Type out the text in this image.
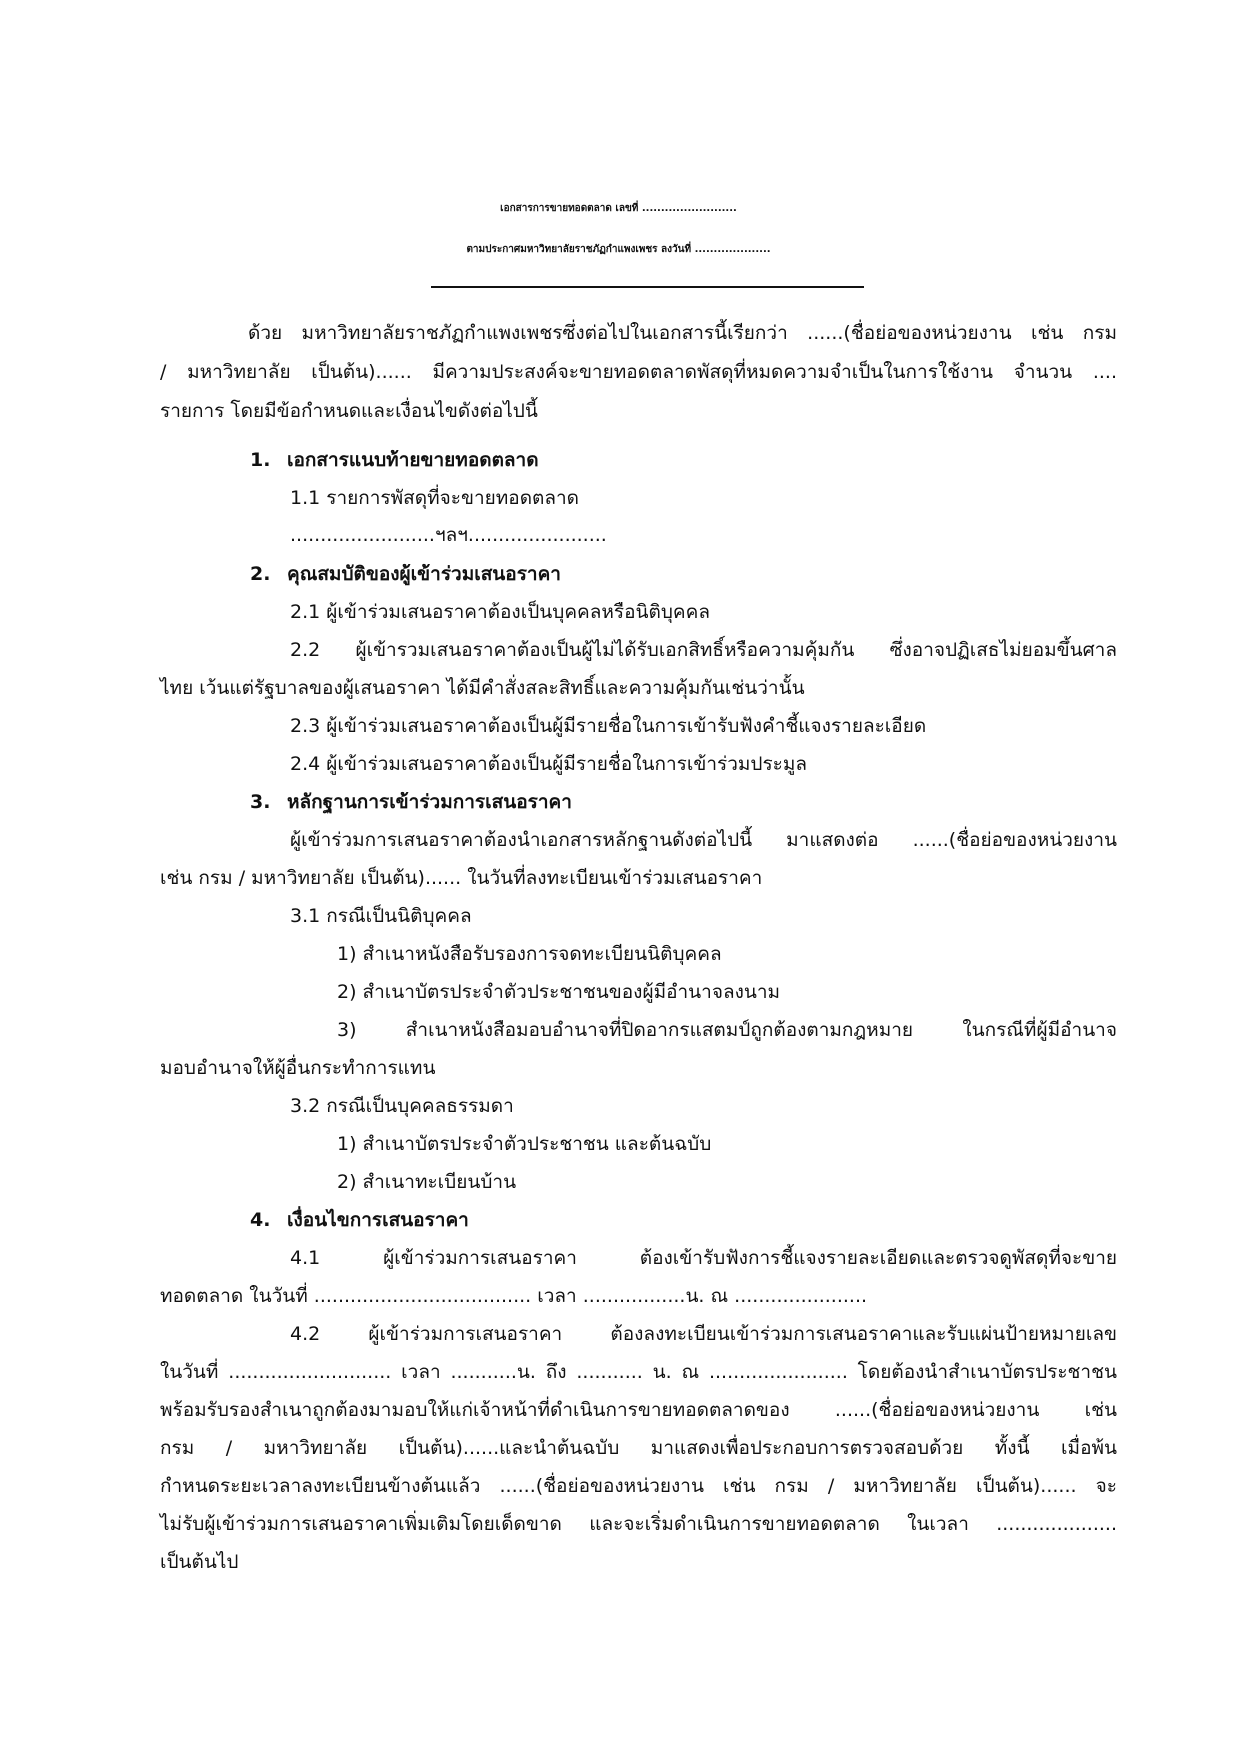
เอกสารการขายทอดตลาด เลขที่ .........................
ตามประกาศมหาวิทยาลัยราชภัฏกำแพงเพชร ลงวันที่ ....................
ด้วย มหาวิทยาลัยราชภัฏกำแพงเพชรซึ่งต่อไปในเอกสารนี้เรียกว่า ......(ชื่อย่อของหน่วยงาน เช่น กรม
/ มหาวิทยาลัย เป็นต้น)...... มีความประสงค์จะขายทอดตลาดพัสดุที่หมดความจำเป็นในการใช้งาน จำนวน ....
รายการ โดยมีข้อกำหนดและเงื่อนไขดังต่อไปนี้
1. เอกสารแนบท้ายขายทอดตลาด
1.1 รายการพัสดุที่จะขายทอดตลาด
........................ฯลฯ.......................
2. คุณสมบัติของผู้เข้าร่วมเสนอราคา
2.1 ผู้เข้าร่วมเสนอราคาต้องเป็นบุคคลหรือนิติบุคคล
2.2 ผู้เข้ารวมเสนอราคาต้องเป็นผู้ไม่ได้รับเอกสิทธิ์หรือความคุ้มกัน ซึ่งอาจปฏิเสธไม่ยอมขึ้นศาล
ไทย เว้นแต่รัฐบาลของผู้เสนอราคา ได้มีคำสั่งสละสิทธิ์และความคุ้มกันเช่นว่านั้น
2.3 ผู้เข้าร่วมเสนอราคาต้องเป็นผู้มีรายชื่อในการเข้ารับฟังคำชี้แจงรายละเอียด
2.4 ผู้เข้าร่วมเสนอราคาต้องเป็นผู้มีรายชื่อในการเข้าร่วมประมูล
3. หลักฐานการเข้าร่วมการเสนอราคา
ผู้เข้าร่วมการเสนอราคาต้องนำเอกสารหลักฐานดังต่อไปนี้ มาแสดงต่อ ......(ชื่อย่อของหน่วยงาน
เช่น กรม / มหาวิทยาลัย เป็นต้น)...... ในวันที่ลงทะเบียนเข้าร่วมเสนอราคา
3.1 กรณีเป็นนิติบุคคล
1) สำเนาหนังสือรับรองการจดทะเบียนนิติบุคคล
2) สำเนาบัตรประจำตัวประชาชนของผู้มีอำนาจลงนาม
3) สำเนาหนังสือมอบอำนาจที่ปิดอากรแสตมป์ถูกต้องตามกฎหมาย ในกรณีที่ผู้มีอำนาจ
มอบอำนาจให้ผู้อื่นกระทำการแทน
3.2 กรณีเป็นบุคคลธรรมดา
1) สำเนาบัตรประจำตัวประชาชน และต้นฉบับ
2) สำเนาทะเบียนบ้าน
4. เงื่อนไขการเสนอราคา
4.1 ผู้เข้าร่วมการเสนอราคา ต้องเข้ารับฟังการชี้แจงรายละเอียดและตรวจดูพัสดุที่จะขาย
ทอดตลาด ในวันที่ .................................... เวลา .................น. ณ ......................
4.2 ผู้เข้าร่วมการเสนอราคา ต้องลงทะเบียนเข้าร่วมการเสนอราคาและรับแผ่นป้ายหมายเลข
ในวันที่ ........................... เวลา ...........น. ถึง ........... น. ณ ....................... โดยต้องนำสำเนาบัตรประชาชน
พร้อมรับรองสำเนาถูกต้องมามอบให้แก่เจ้าหน้าที่ดำเนินการขายทอดตลาดของ ......(ชื่อย่อของหน่วยงาน เช่น
กรม / มหาวิทยาลัย เป็นต้น)......และนำต้นฉบับ มาแสดงเพื่อประกอบการตรวจสอบด้วย ทั้งนี้ เมื่อพ้น
กำหนดระยะเวลาลงทะเบียนข้างต้นแล้ว ......(ชื่อย่อของหน่วยงาน เช่น กรม / มหาวิทยาลัย เป็นต้น)...... จะ
ไม่รับผู้เข้าร่วมการเสนอราคาเพิ่มเติมโดยเด็ดขาด และจะเริ่มดำเนินการขายทอดตลาด ในเวลา ....................
เป็นต้นไป
